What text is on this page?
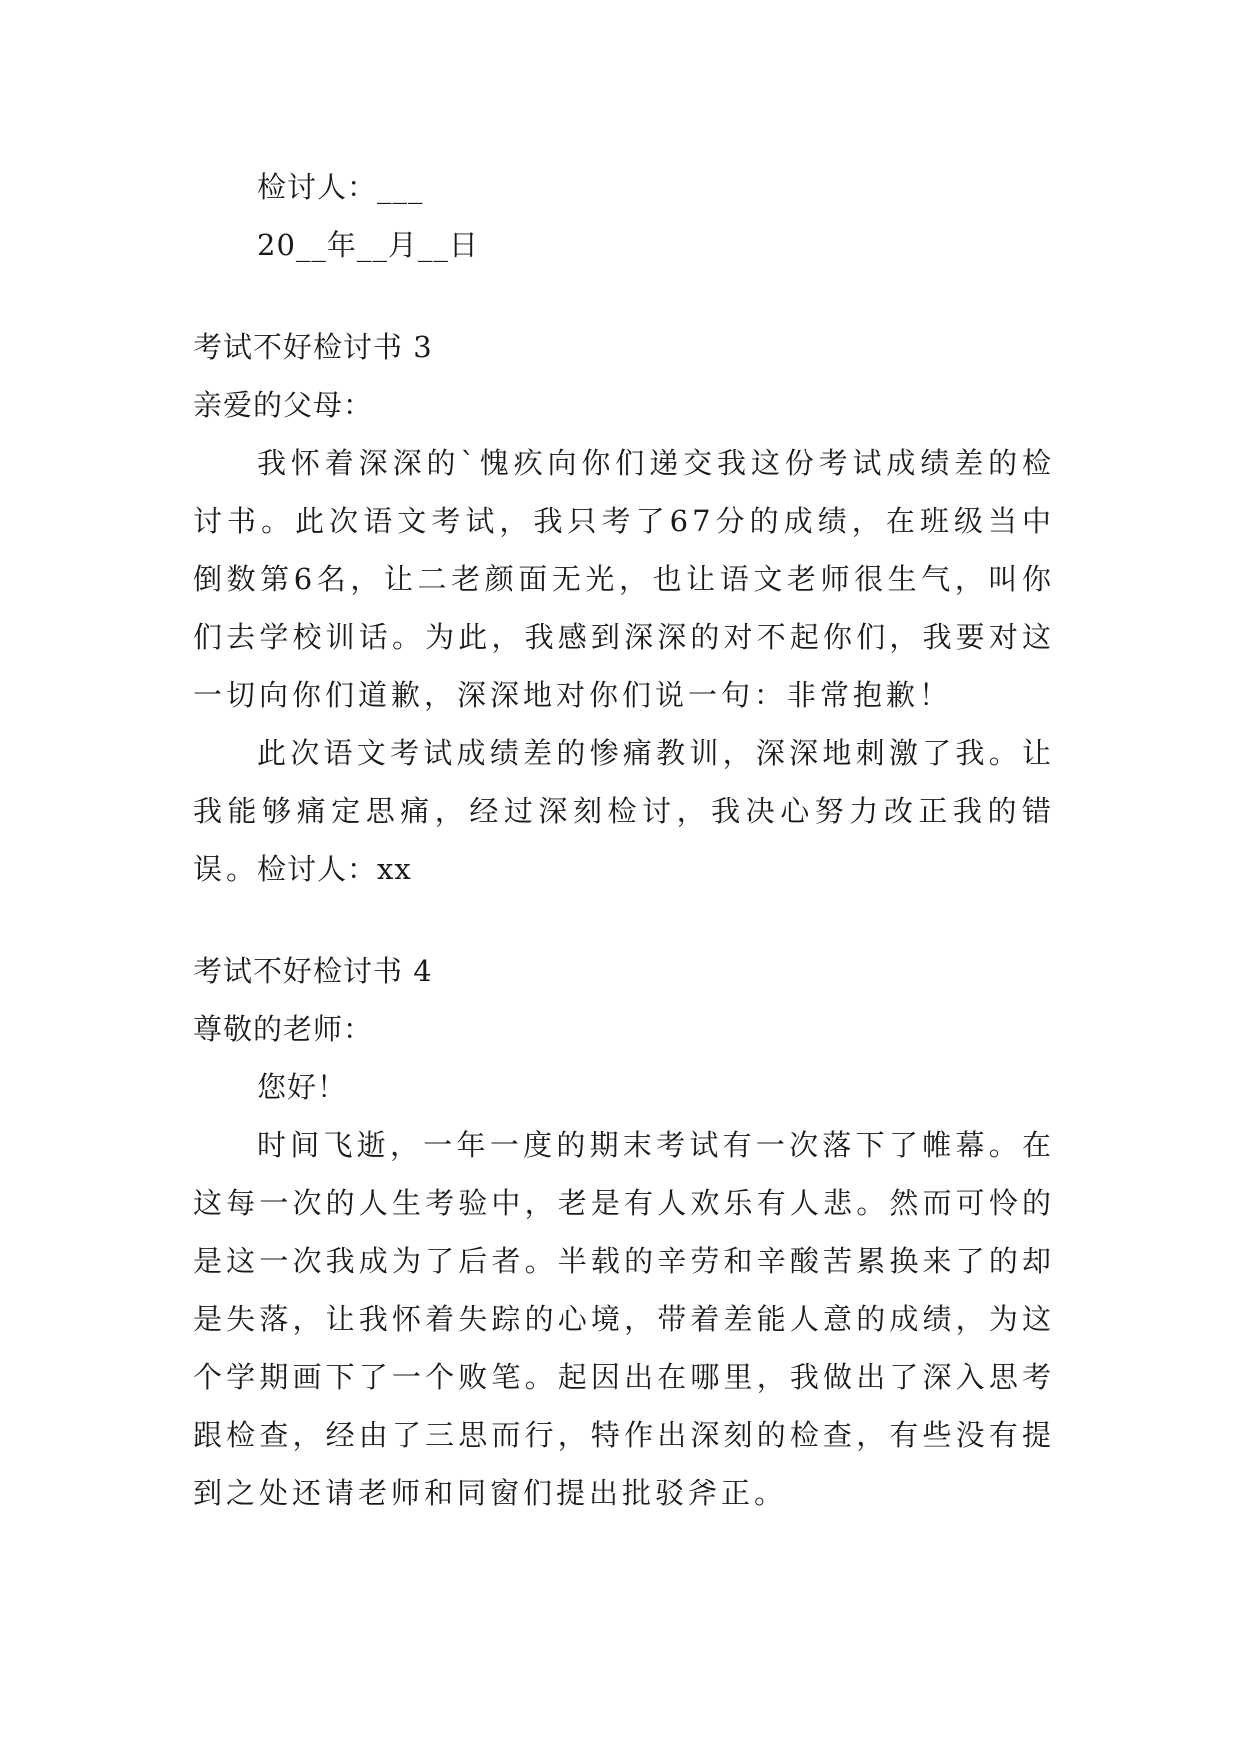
检讨人：___
20__年__月__日
考试不好检讨书 3
亲爱的父母：
我怀着深深的`愧疚向你们递交我这份考试成绩差的检讨书。此次语文考试，我只考了67分的成绩，在班级当中倒数第6名，让二老颜面无光，也让语文老师很生气，叫你们去学校训话。为此，我感到深深的对不起你们，我要对这一切向你们道歉，深深地对你们说一句：非常抱歉！
此次语文考试成绩差的惨痛教训，深深地刺激了我。让我能够痛定思痛，经过深刻检讨，我决心努力改正我的错误。
检讨人：xx
考试不好检讨书 4
尊敬的老师：
您好！
时间飞逝，一年一度的期末考试有一次落下了帷幕。在这每一次的人生考验中，老是有人欢乐有人悲。然而可怜的是这一次我成为了后者。半载的辛劳和辛酸苦累换来了的却是失落，让我怀着失踪的心境，带着差能人意的成绩，为这个学期画下了一个败笔。起因出在哪里，我做出了深入思考跟检查，经由了三思而行，特作出深刻的检查，有些没有提到之处还请老师和同窗们提出批驳斧正。
